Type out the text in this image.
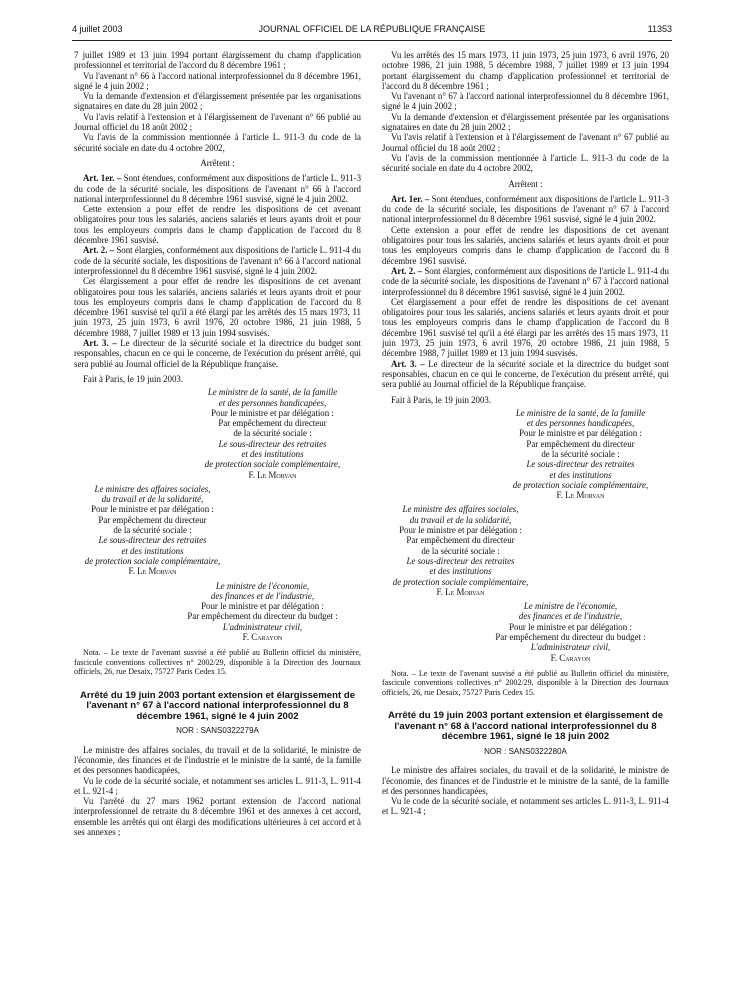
4 juillet 2003	JOURNAL OFFICIEL DE LA RÉPUBLIQUE FRANÇAISE	11353

7 juillet 1989 et 13 juin 1994 portant élargissement du champ d'application professionnel et territorial de l'accord du 8 décembre 1961 ;

Vu l'avenant n° 66 à l'accord national interprofessionnel du 8 décembre 1961, signé le 4 juin 2002 ;

Vu la demande d'extension et d'élargissement présentée par les organisations signataires en date du 28 juin 2002 ;

Vu l'avis relatif à l'extension et à l'élargissement de l'avenant n° 66 publié au Journal officiel du 18 août 2002 ;

Vu l'avis de la commission mentionnée à l'article L. 911-3 du code de la sécurité sociale en date du 4 octobre 2002,

Arrêtent :

Art. 1er. – Sont étendues, conformément aux dispositions de l'article L. 911-3 du code de la sécurité sociale, les dispositions de l'avenant n° 66 à l'accord national interprofessionnel du 8 décembre 1961 susvisé, signé le 4 juin 2002.

Cette extension a pour effet de rendre les dispositions de cet avenant obligatoires pour tous les salariés, anciens salariés et leurs ayants droit et pour tous les employeurs compris dans le champ d'application de l'accord du 8 décembre 1961 susvisé.

Art. 2. – Sont élargies, conformément aux dispositions de l'article L. 911-4 du code de la sécurité sociale, les dispositions de l'avenant n° 66 à l'accord national interprofessionnel du 8 décembre 1961 susvisé, signé le 4 juin 2002.

Cet élargissement a pour effet de rendre les dispositions de cet avenant obligatoires pour tous les salariés, anciens salariés et leurs ayants droit et pour tous les employeurs compris dans le champ d'application de l'accord du 8 décembre 1961 susvisé tel qu'il a été élargi par les arrêtés des 15 mars 1973, 11 juin 1973, 25 juin 1973, 6 avril 1976, 20 octobre 1986, 21 juin 1988, 5 décembre 1988, 7 juillet 1989 et 13 juin 1994 susvisés.

Art. 3. – Le directeur de la sécurité sociale et la directrice du budget sont responsables, chacun en ce qui le concerne, de l'exécution du présent arrêté, qui sera publié au Journal officiel de la République française.

Fait à Paris, le 19 juin 2003.

Le ministre de la santé, de la famille
et des personnes handicapées,
Pour le ministre et par délégation :
Par empêchement du directeur
de la sécurité sociale :
Le sous-directeur des retraites
et des institutions
de protection sociale complémentaire,
F. Le Morvan
Le ministre des affaires sociales,
du travail et de la solidarité,
Pour le ministre et par délégation :
Par empêchement du directeur
de la sécurité sociale :
Le sous-directeur des retraites
et des institutions
de protection sociale complémentaire,
F. Le Morvan
Le ministre de l'économie,
des finances et de l'industrie,
Pour le ministre et par délégation :
Par empêchement du directeur du budget :
L'administrateur civil,
F. Carayon

Nota. – Le texte de l'avenant susvisé a été publié au Bulletin officiel du ministère, fascicule conventions collectives n° 2002/29, disponible à la Direction des Journaux officiels, 26, rue Desaix, 75727 Paris Cedex 15.

Arrêté du 19 juin 2003 portant extension et élargissement de l'avenant n° 67 à l'accord national interprofessionnel du 8 décembre 1961, signé le 4 juin 2002

NOR : SANS0322279A

Le ministre des affaires sociales, du travail et de la solidarité, le ministre de l'économie, des finances et de l'industrie et le ministre de la santé, de la famille et des personnes handicapées,

Vu le code de la sécurité sociale, et notamment ses articles L. 911-3, L. 911-4 et L. 921-4 ;

Vu l'arrêté du 27 mars 1962 portant extension de l'accord national interprofessionnel de retraite du 8 décembre 1961 et des annexes à cet accord, ensemble les arrêtés qui ont élargi des modifications ultérieures à cet accord et à ses annexes ;

Vu les arrêtés des 15 mars 1973, 11 juin 1973, 25 juin 1973, 6 avril 1976, 20 octobre 1986, 21 juin 1988, 5 décembre 1988, 7 juillet 1989 et 13 juin 1994 portant élargissement du champ d'application professionnel et territorial de l'accord du 8 décembre 1961 ;

Vu l'avenant n° 67 à l'accord national interprofessionnel du 8 décembre 1961, signé le 4 juin 2002 ;

Vu la demande d'extension et d'élargissement présentée par les organisations signataires en date du 28 juin 2002 ;

Vu l'avis relatif à l'extension et à l'élargissement de l'avenant n° 67 publié au Journal officiel du 18 août 2002 ;

Vu l'avis de la commission mentionnée à l'article L. 911-3 du code de la sécurité sociale en date du 4 octobre 2002,

Arrêtent :

Art. 1er. – Sont étendues, conformément aux dispositions de l'article L. 911-3 du code de la sécurité sociale, les dispositions de l'avenant n° 67 à l'accord national interprofessionnel du 8 décembre 1961 susvisé, signé le 4 juin 2002.

Cette extension a pour effet de rendre les dispositions de cet avenant obligatoires pour tous les salariés, anciens salariés et leurs ayants droit et pour tous les employeurs compris dans le champ d'application de l'accord du 8 décembre 1961 susvisé.

Art. 2. – Sont élargies, conformément aux dispositions de l'article L. 911-4 du code de la sécurité sociale, les dispositions de l'avenant n° 67 à l'accord national interprofessionnel du 8 décembre 1961 susvisé, signé le 4 juin 2002.

Cet élargissement a pour effet de rendre les dispositions de cet avenant obligatoires pour tous les salariés, anciens salariés et leurs ayants droit et pour tous les employeurs compris dans le champ d'application de l'accord du 8 décembre 1961 susvisé tel qu'il a été élargi par les arrêtés des 15 mars 1973, 11 juin 1973, 25 juin 1973, 6 avril 1976, 20 octobre 1986, 21 juin 1988, 5 décembre 1988, 7 juillet 1989 et 13 juin 1994 susvisés.

Art. 3. – Le directeur de la sécurité sociale et la directrice du budget sont responsables, chacun en ce qui le concerne, de l'exécution du présent arrêté, qui sera publié au Journal officiel de la République française.

Fait à Paris, le 19 juin 2003.

Le ministre de la santé, de la famille
et des personnes handicapées,
Pour le ministre et par délégation :
Par empêchement du directeur
de la sécurité sociale :
Le sous-directeur des retraites
et des institutions
de protection sociale complémentaire,
F. Le Morvan
Le ministre des affaires sociales,
du travail et de la solidarité,
Pour le ministre et par délégation :
Par empêchement du directeur
de la sécurité sociale :
Le sous-directeur des retraites
et des institutions
de protection sociale complémentaire,
F. Le Morvan
Le ministre de l'économie,
des finances et de l'industrie,
Pour le ministre et par délégation :
Par empêchement du directeur du budget :
L'administrateur civil,
F. Carayon

Nota. – Le texte de l'avenant susvisé a été publié au Bulletin officiel du ministère, fascicule conventions collectives n° 2002/29, disponible à la Direction des Journaux officiels, 26, rue Desaix, 75727 Paris Cedex 15.

Arrêté du 19 juin 2003 portant extension et élargissement de l'avenant n° 68 à l'accord national interprofessionnel du 8 décembre 1961, signé le 18 juin 2002

NOR : SANS0322280A

Le ministre des affaires sociales, du travail et de la solidarité, le ministre de l'économie, des finances et de l'industrie et le ministre de la santé, de la famille et des personnes handicapées,

Vu le code de la sécurité sociale, et notamment ses articles L. 911-3, L. 911-4 et L. 921-4 ;
